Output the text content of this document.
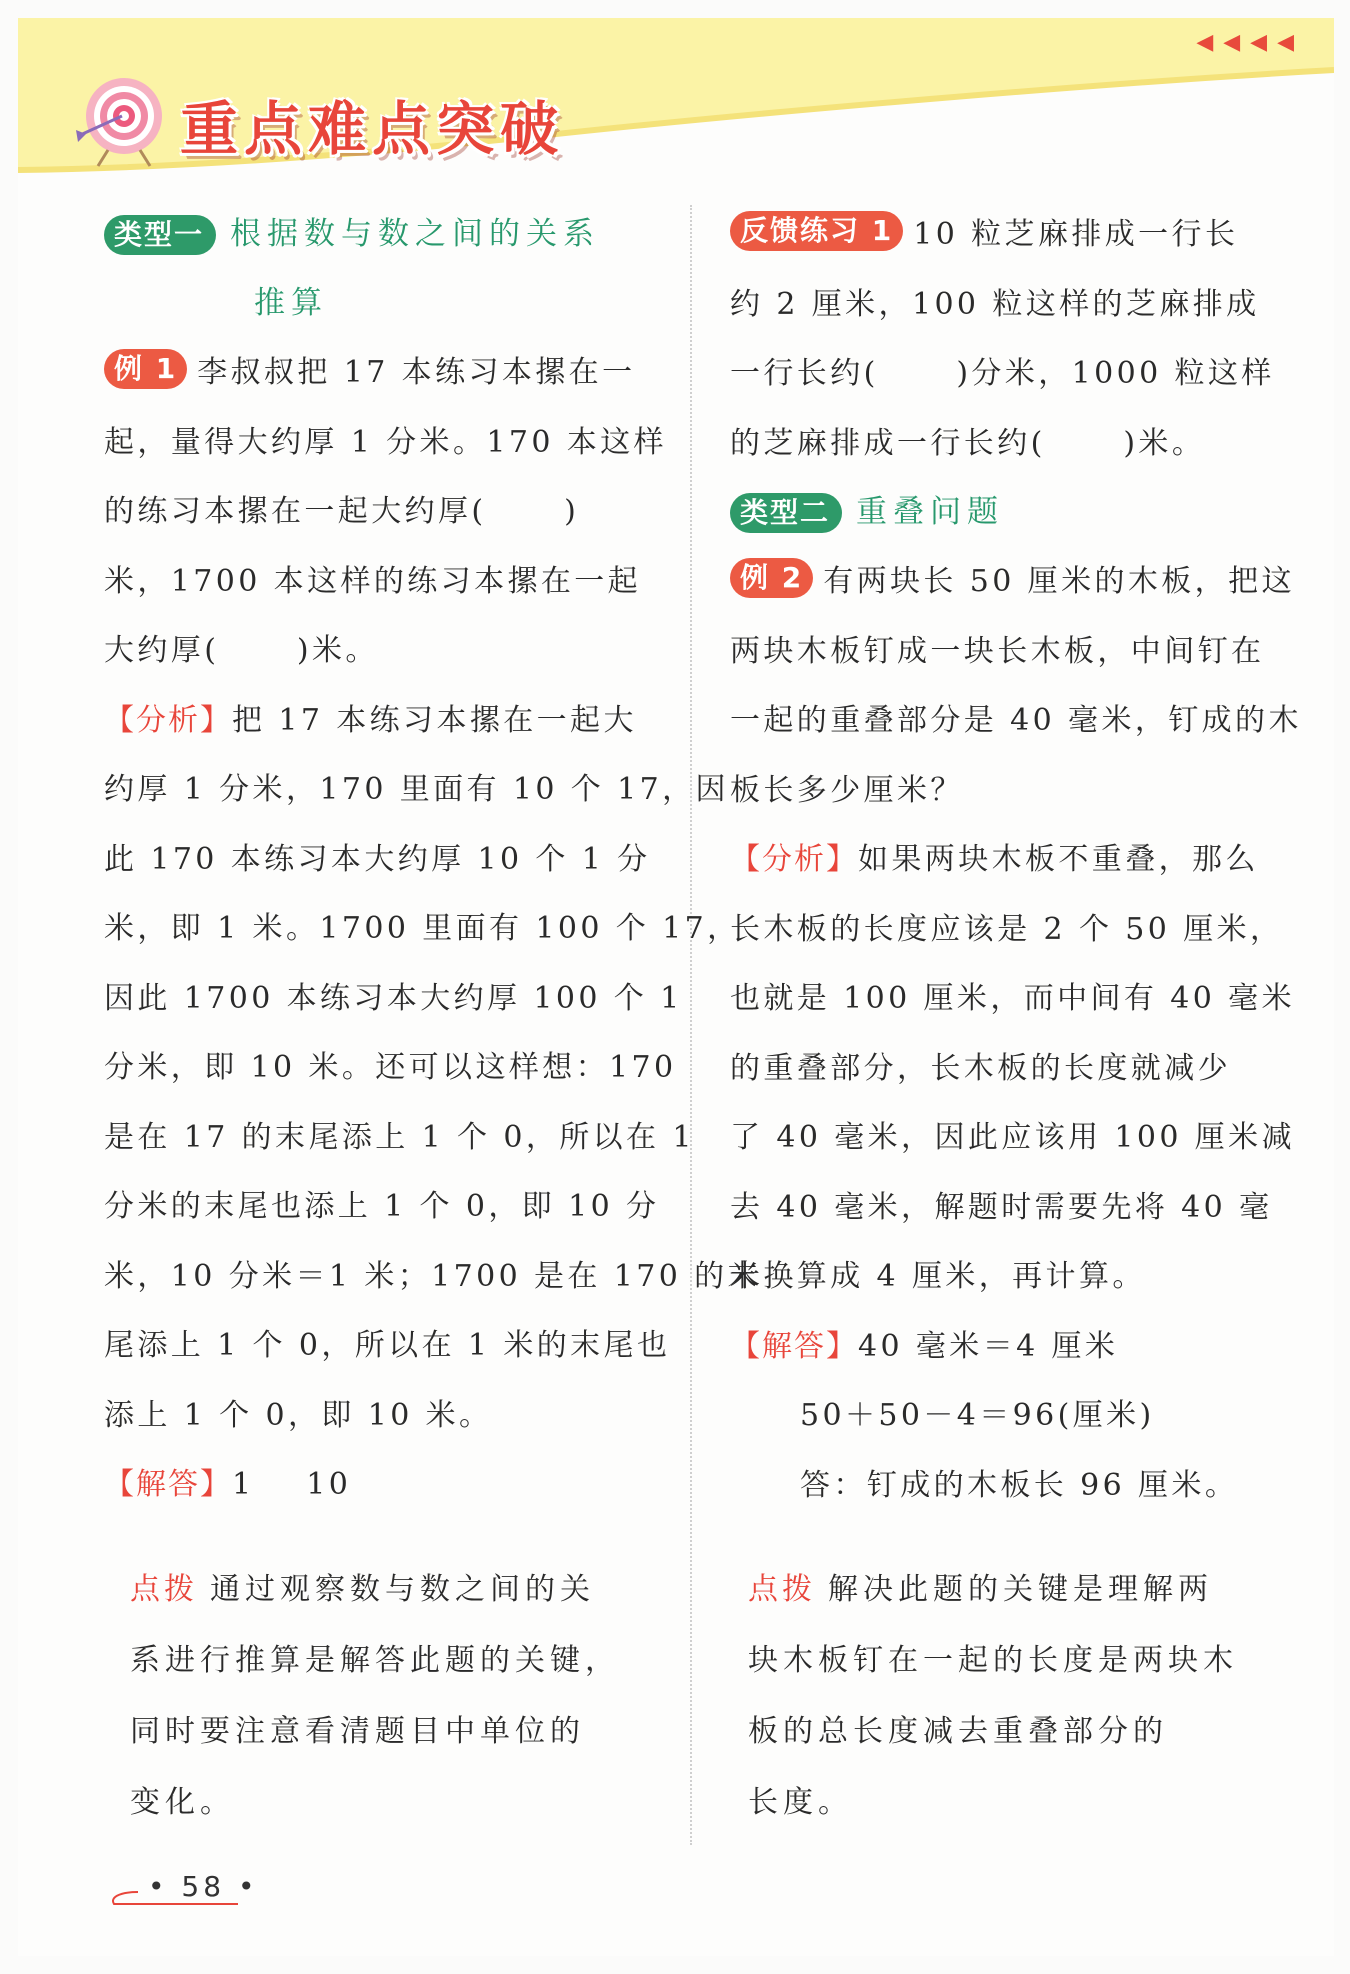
◀ ◀ ◀ ◀
重点难点突破
类型一 根据数与数之间的关系
推算
例 1 李叔叔把 17 本练习本摞在一
起，量得大约厚 1 分米。170 本这样
的练习本摞在一起大约厚(      )
米，1700 本这样的练习本摞在一起
大约厚(      )米。
【分析】把 17 本练习本摞在一起大
约厚 1 分米，170 里面有 10 个 17，因
此 170 本练习本大约厚 10 个 1 分
米，即 1 米。1700 里面有 100 个 17，
因此 1700 本练习本大约厚 100 个 1
分米，即 10 米。还可以这样想：170
是在 17 的末尾添上 1 个 0，所以在 1
分米的末尾也添上 1 个 0，即 10 分
米，10 分米＝1 米；1700 是在 170 的末
尾添上 1 个 0，所以在 1 米的末尾也
添上 1 个 0，即 10 米。
【解答】1    10
点拨 通过观察数与数之间的关
系进行推算是解答此题的关键，
同时要注意看清题目中单位的
变化。
反馈练习 1 10 粒芝麻排成一行长
约 2 厘米，100 粒这样的芝麻排成
一行长约(      )分米，1000 粒这样
的芝麻排成一行长约(      )米。
类型二 重叠问题
例 2 有两块长 50 厘米的木板，把这
两块木板钉成一块长木板，中间钉在
一起的重叠部分是 40 毫米，钉成的木
板长多少厘米？
【分析】如果两块木板不重叠，那么
长木板的长度应该是 2 个 50 厘米，
也就是 100 厘米，而中间有 40 毫米
的重叠部分，长木板的长度就减少
了 40 毫米，因此应该用 100 厘米减
去 40 毫米，解题时需要先将 40 毫
米换算成 4 厘米，再计算。
【解答】40 毫米＝4 厘米
50＋50－4＝96(厘米)
答：钉成的木板长 96 厘米。
点拨 解决此题的关键是理解两
块木板钉在一起的长度是两块木
板的总长度减去重叠部分的
长度。
• 58 •
